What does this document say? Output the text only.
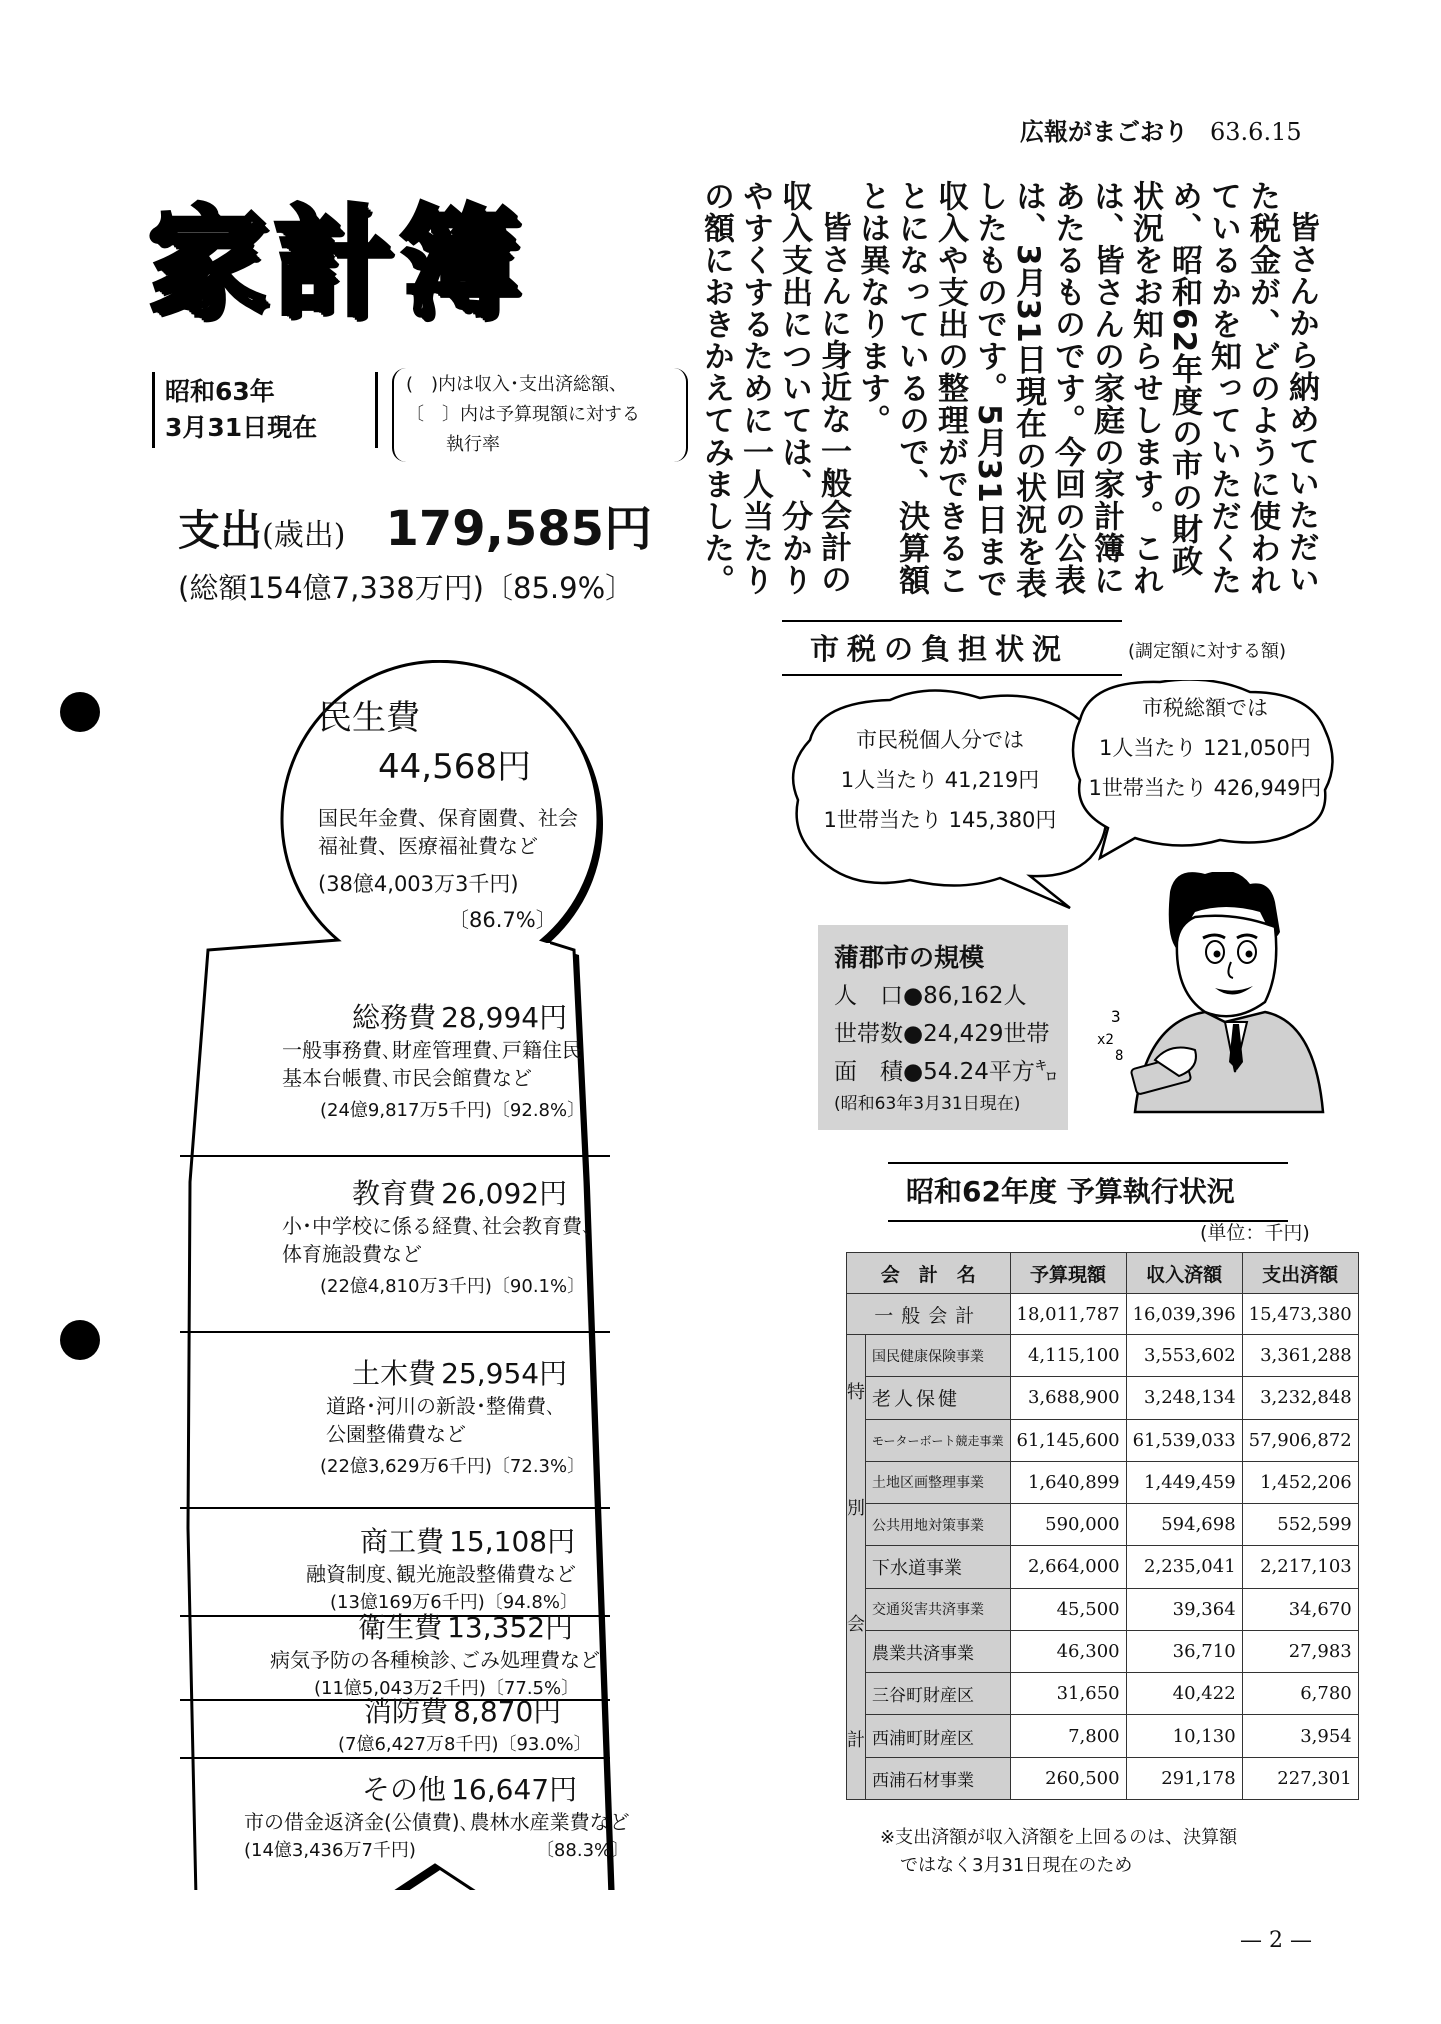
広報がまごおり 63.6.15
家計簿
昭和63年
3月31日現在
(　)内は収入･支出済総額、
〔　〕内は予算現額に対する
執行率
支出(歳出) 179,585円
(総額154億7,338万円)〔85.9%〕
民生費
44,568円
国民年金費、保育園費、社会
福祉費、医療福祉費など
(38億4,003万3千円)
〔86.7%〕
総務費 28,994円
一般事務費､財産管理費､戸籍住民
基本台帳費､市民会館費など
(24億9,817万5千円)〔92.8%〕
教育費 26,092円
小･中学校に係る経費､社会教育費､
体育施設費など
(22億4,810万3千円)〔90.1%〕
土木費 25,954円
道路･河川の新設･整備費､
公園整備費など
(22億3,629万6千円)〔72.3%〕
商工費 15,108円
融資制度､観光施設整備費など
(13億169万6千円)〔94.8%〕
衛生費 13,352円
病気予防の各種検診､ごみ処理費など
(11億5,043万2千円)〔77.5%〕
消防費 8,870円
(7億6,427万8千円)〔93.0%〕
その他 16,647円
市の借金返済金(公債費)､農林水産業費など
(14億3,436万7千円)	〔88.3%〕

皆さんから納めていただいた税金が、どのように使われているかを知っていただくため、昭和62年度の市の財政状況をお知らせします。これは、皆さんの家庭の家計簿にあたるものです。今回の公表は、3月31日現在の状況を表したものです。5月31日まで収入や支出の整理ができることになっているので、決算額とは異なります。

皆さんに身近な一般会計の収入支出については、分かりやすくするために一人当たりの額におきかえてみました。

市税の負担状況	(調定額に対する額)
市民税個人分では
1人当たり 41,219円
1世帯当たり 145,380円
市税総額では
1人当たり 121,050円
1世帯当たり 426,949円
蒲郡市の規模
人　口●86,162人
世帯数●24,429世帯
面　積●54.24平方㌔
(昭和63年3月31日現在)
3
x2
8
昭和62年度 予算執行状況
(単位：千円)
会　計　名		予算現額	収入済額	支出済額
一般会計		18,011,787	16,039,396	15,473,380

特
別
会
計	国民健康保険事業	4,115,100	3,553,602	3,361,288
	老人保健	3,688,900	3,248,134	3,232,848
	モーターボート競走事業	61,145,600	61,539,033	57,906,872
	土地区画整理事業	1,640,899	1,449,459	1,452,206
	公共用地対策事業	590,000	594,698	552,599
	下水道事業	2,664,000	2,235,041	2,217,103
	交通災害共済事業	45,500	39,364	34,670
	農業共済事業	46,300	36,710	27,983
	三谷町財産区	31,650	40,422	6,780
	西浦町財産区	7,800	10,130	3,954
	西浦石材事業	260,500	291,178	227,301
※支出済額が収入済額を上回るのは、決算額
ではなく3月31日現在のため
— 2 —
